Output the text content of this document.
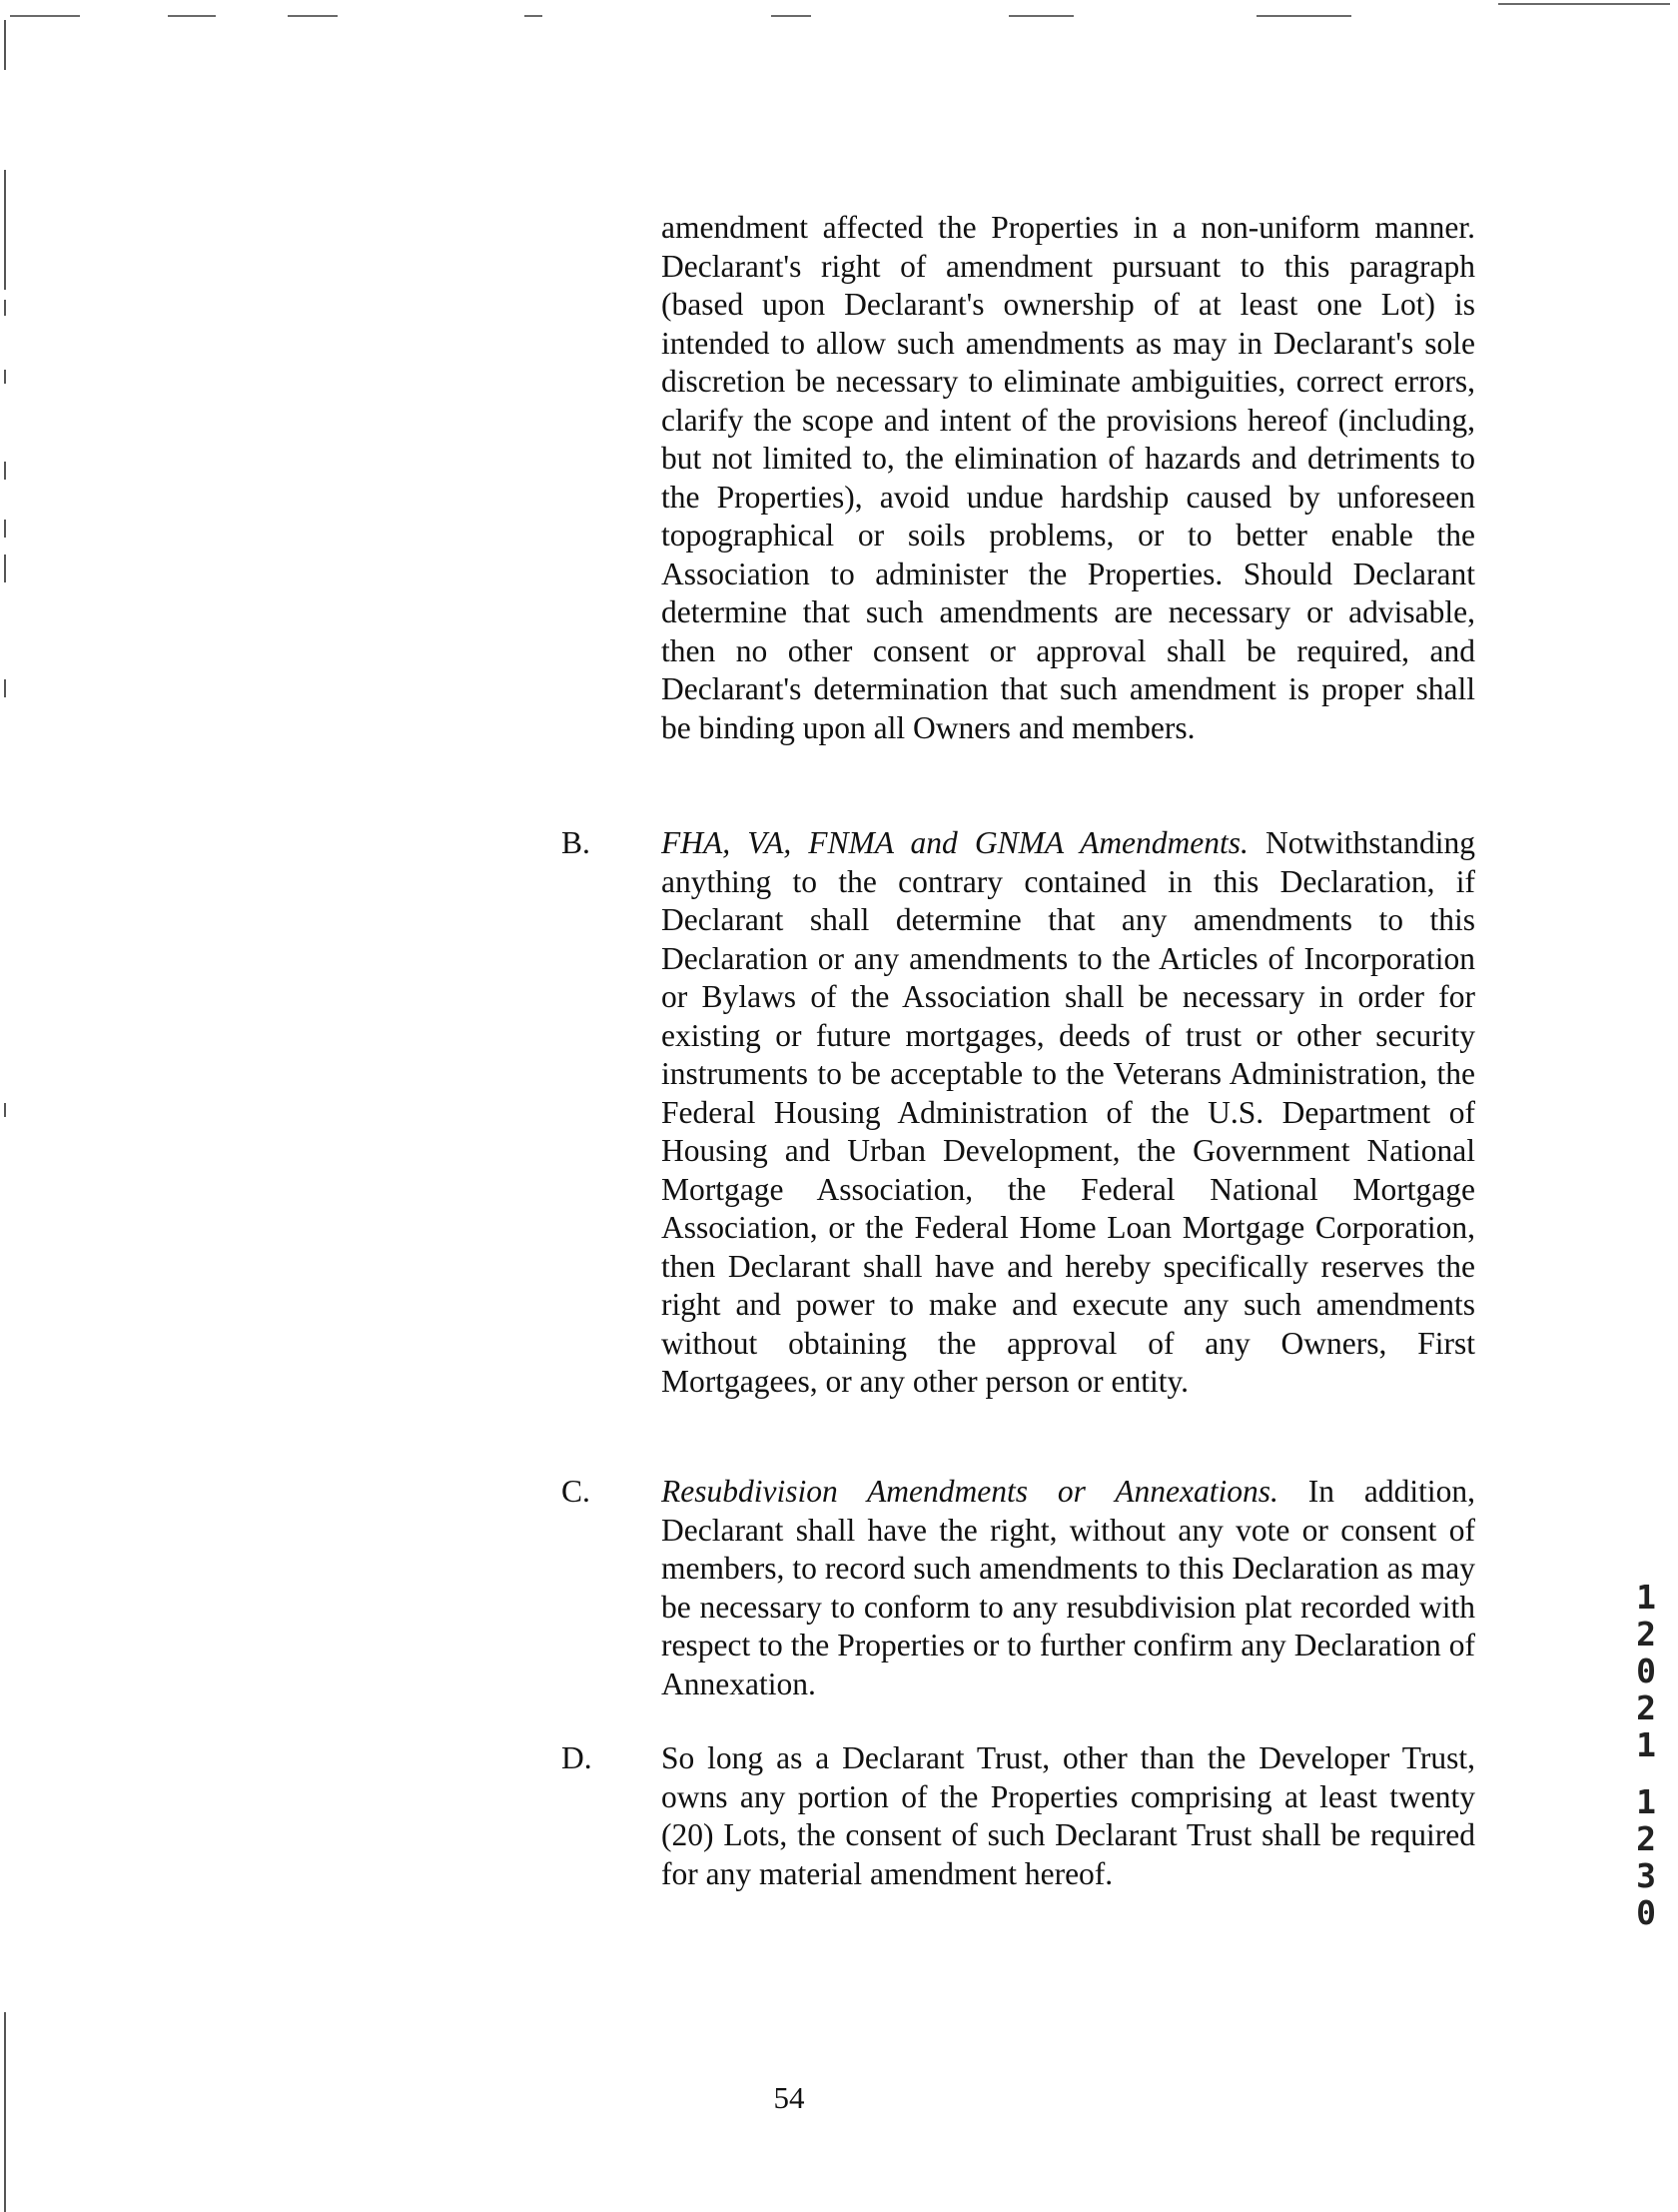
amendment affected the Properties in a non-uniform manner. Declarant's right of amendment pursuant to this paragraph (based upon Declarant's ownership of at least one Lot) is intended to allow such amendments as may in Declarant's sole discretion be necessary to eliminate ambiguities, correct errors, clarify the scope and intent of the provisions hereof (including, but not limited to, the elimination of hazards and detriments to the Properties), avoid undue hardship caused by unforeseen topographical or soils problems, or to better enable the Association to administer the Properties. Should Declarant determine that such amendments are necessary or advisable, then no other consent or approval shall be required, and Declarant's determination that such amendment is proper shall be binding upon all Owners and members.

B. FHA, VA, FNMA and GNMA Amendments. Notwithstanding anything to the contrary contained in this Declaration, if Declarant shall determine that any amendments to this Declaration or any amendments to the Articles of Incorporation or Bylaws of the Association shall be necessary in order for existing or future mortgages, deeds of trust or other security instruments to be acceptable to the Veterans Administration, the Federal Housing Administration of the U.S. Department of Housing and Urban Development, the Government National Mortgage Association, the Federal National Mortgage Association, or the Federal Home Loan Mortgage Corporation, then Declarant shall have and hereby specifically reserves the right and power to make and execute any such amendments without obtaining the approval of any Owners, First Mortgagees, or any other person or entity.

C. Resubdivision Amendments or Annexations. In addition, Declarant shall have the right, without any vote or consent of members, to record such amendments to this Declaration as may be necessary to conform to any resubdivision plat recorded with respect to the Properties or to further confirm any Declaration of Annexation.

D. So long as a Declarant Trust, other than the Developer Trust, owns any portion of the Properties comprising at least twenty (20) Lots, the consent of such Declarant Trust shall be required for any material amendment hereof.

54
1
2
0
2
1
1
2
3
0
